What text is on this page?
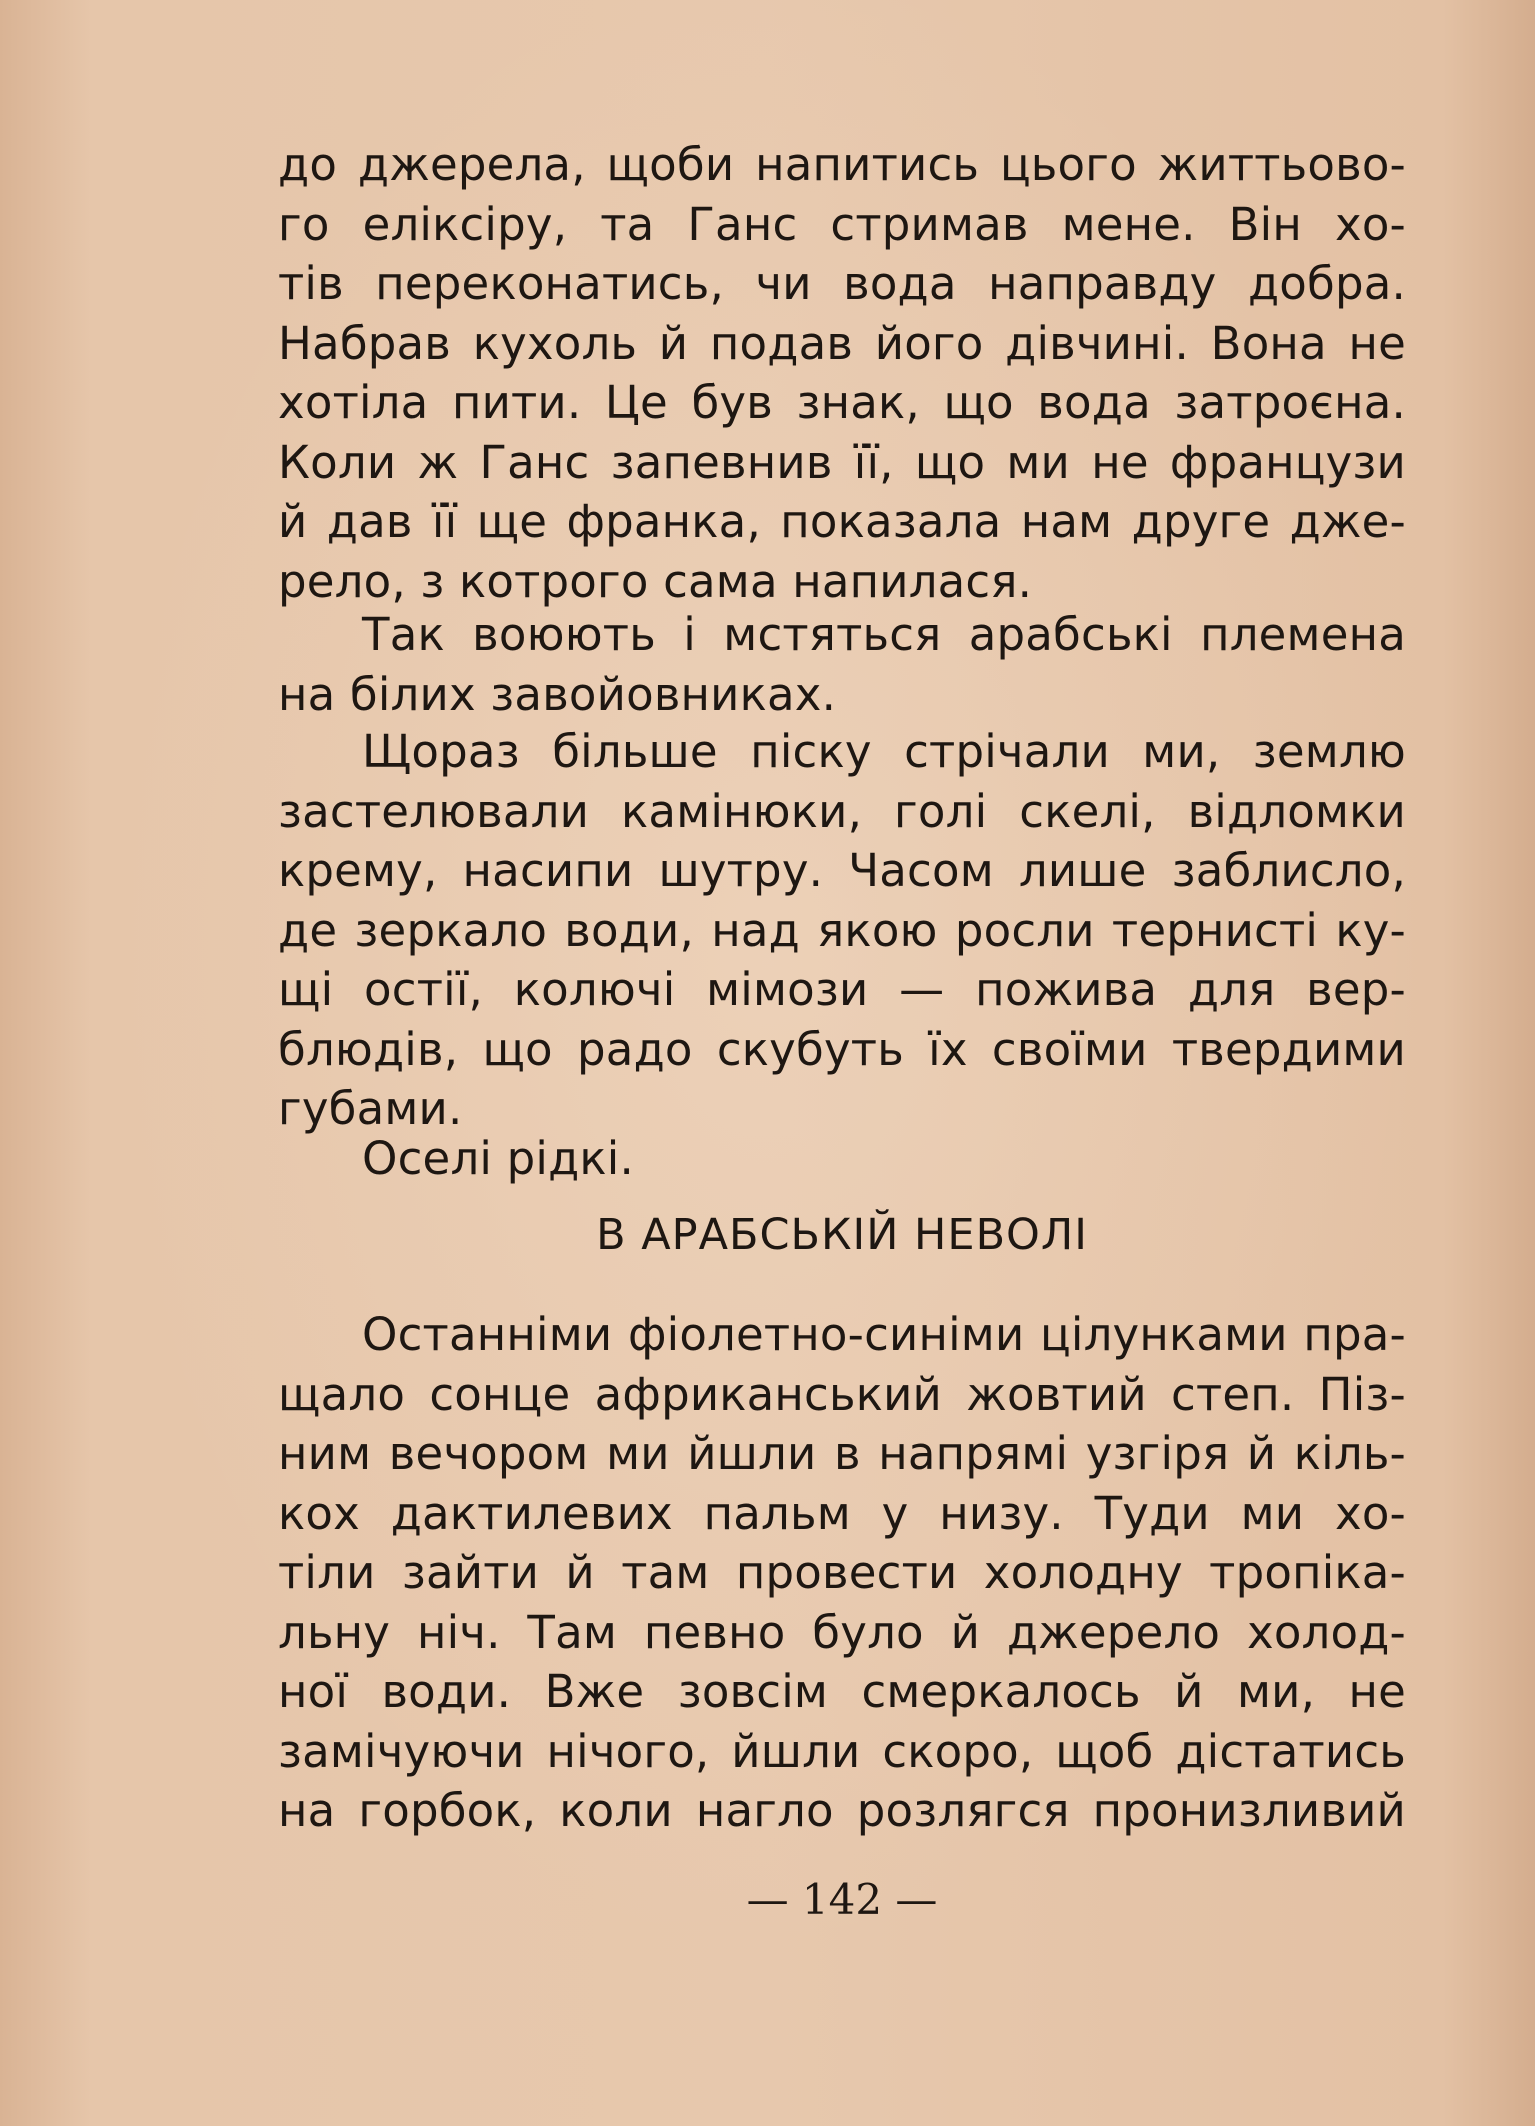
до джерела, щоби напитись цього життьово-
го еліксіру, та Ганс стримав мене. Він хо-
тів переконатись, чи вода направду добра.
Набрав кухоль й подав його дівчині. Вона не
хотіла пити. Це був знак, що вода затроєна.
Коли ж Ганс запевнив її, що ми не французи
й дав її ще франка, показала нам друге дже-
рело, з котрого сама напилася.
Так воюють і мстяться арабські племена
на білих завойовниках.
Щораз більше піску стрічали ми, землю
застелювали камінюки, голі скелі, відломки
крему, насипи шутру. Часом лише заблисло,
де зеркало води, над якою росли тернисті ку-
щі остії, колючі мімози — пожива для вер-
блюдів, що радо скубуть їх своїми твердими
губами.
Оселі рідкі.
В АРАБСЬКІЙ НЕВОЛІ
Останніми фіолетно-синіми цілунками пра-
щало сонце африканський жовтий степ. Піз-
ним вечором ми йшли в напрямі узгіря й кіль-
кох дактилевих пальм у низу. Туди ми хо-
тіли зайти й там провести холодну тропіка-
льну ніч. Там певно було й джерело холод-
ної води. Вже зовсім смеркалось й ми, не
замічуючи нічого, йшли скоро, щоб дістатись
на горбок, коли нагло розлягся пронизливий
— 142 —
